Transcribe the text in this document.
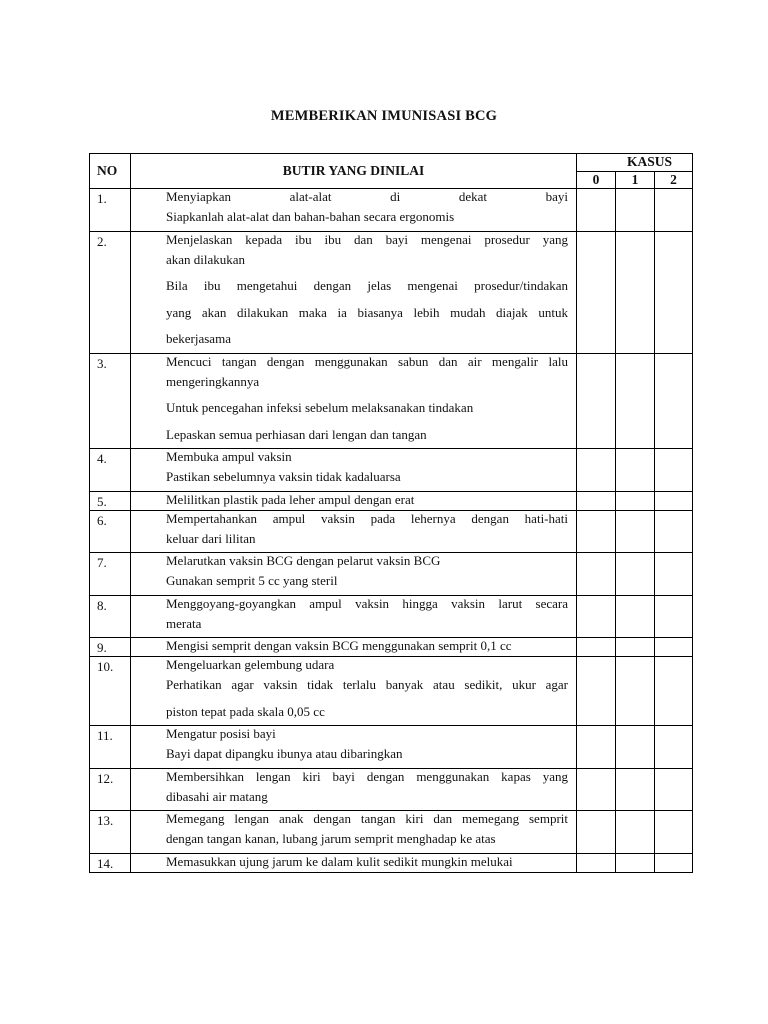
MEMBERIKAN IMUNISASI BCG
NO	BUTIR YANG DINILAI	KASUS		
		0	1	2
1.	Menyiapkan alat-alat di dekat bayi
Siapkanlah alat-alat dan bahan-bahan secara ergonomis			

2.	Menjelaskan kepada ibu ibu dan bayi mengenai prosedur yang
akan dilakukan
Bila ibu mengetahui dengan jelas mengenai prosedur/tindakan
yang akan dilakukan maka ia biasanya lebih mudah diajak untuk
bekerjasama			

3.	Mencuci tangan dengan menggunakan sabun dan air mengalir lalu
mengeringkannya
Untuk pencegahan infeksi sebelum melaksanakan tindakan
Lepaskan semua perhiasan dari lengan dan tangan			

4.	Membuka ampul vaksin
Pastikan sebelumnya vaksin tidak kadaluarsa			

5.	Melilitkan plastik pada leher ampul dengan erat			

6.	Mempertahankan ampul vaksin pada lehernya dengan hati-hati
keluar dari lilitan			

7.	Melarutkan vaksin BCG dengan pelarut vaksin BCG
Gunakan semprit 5 cc yang steril			

8.	Menggoyang-goyangkan ampul vaksin hingga vaksin larut secara
merata			

9.	Mengisi semprit dengan vaksin BCG menggunakan semprit 0,1 cc			

10.	Mengeluarkan gelembung udara
Perhatikan agar vaksin tidak terlalu banyak atau sedikit, ukur agar
piston tepat pada skala 0,05 cc			

11.	Mengatur posisi bayi
Bayi dapat dipangku ibunya atau dibaringkan			

12.	Membersihkan lengan kiri bayi dengan menggunakan kapas yang
dibasahi air matang			

13.	Memegang lengan anak dengan tangan kiri dan memegang semprit
dengan tangan kanan, lubang jarum semprit menghadap ke atas			

14.	Memasukkan ujung jarum ke dalam kulit sedikit mungkin melukai			
